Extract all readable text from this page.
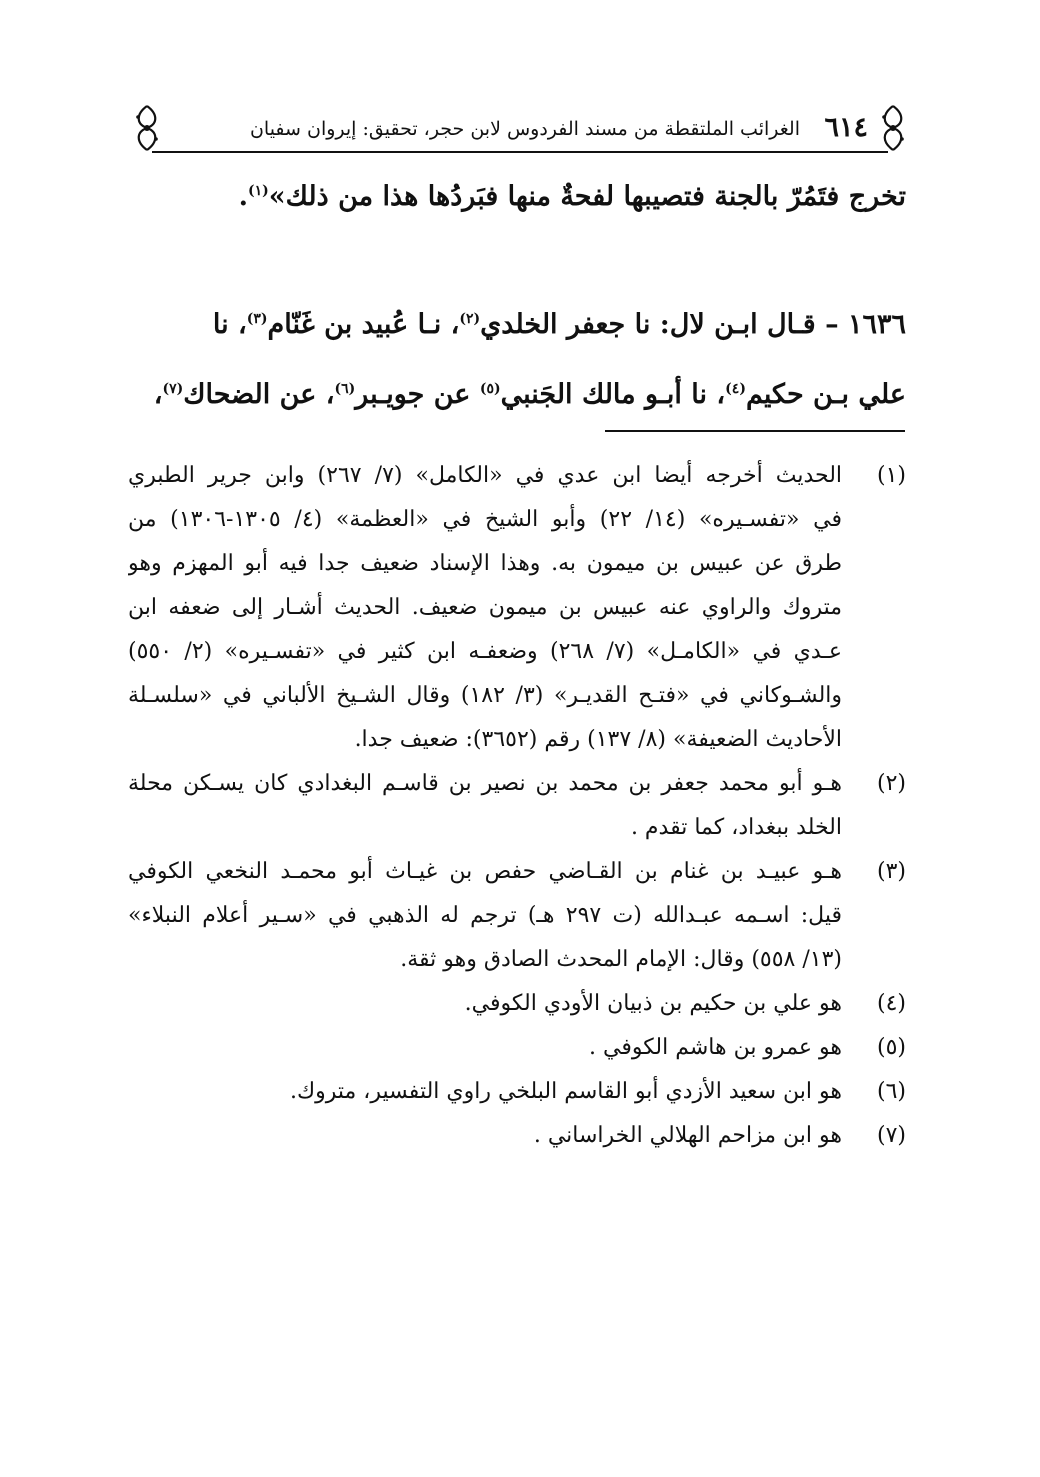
٦١٤
الغرائب الملتقطة من مسند الفردوس لابن حجر، تحقيق: إيروان سفيان

تخرج فتَمُرّ بالجنة فتصيبها لفحةٌ منها فبَردُها هذا من ذلك»$^{(١)}$.

١٦٣٦ – قـال ابـن لال: نا جعفر الخلدي$^{(٢)}$، نـا عُبيد بن غَنّام$^{(٣)}$، نا

علي بـن حكيم$^{(٤)}$، نا أبـو مالك الجَنبي$^{(٥)}$ عن جويـبر$^{(٦)}$، عن الضحاك$^{(٧)}$،

(١)
الحديث أخرجه أيضا ابن عدي في «الكامل» (٧/ ٢٦٧) وابن جرير الطبري
في «تفسـيره» (١٤/ ٢٢) وأبو الشيخ في «العظمة» (٤/ ١٣٠٥-١٣٠٦) من
طرق عن عبيس بن ميمون به. وهذا الإسناد ضعيف جدا فيه أبو المهزم وهو
متروك والراوي عنه عبيس بن ميمون ضعيف. الحديث أشـار إلى ضعفه ابن
عـدي في «الكامـل» (٧/ ٢٦٨) وضعفـه ابن كثير في «تفسـيره» (٢/ ٥٥٠)
والشـوكاني في «فتـح القديـر» (٣/ ١٨٢) وقال الشـيخ الألباني في «سلسـلة
الأحاديث الضعيفة» (٨/ ١٣٧) رقم (٣٦٥٢): ضعيف جدا.
(٢)
هـو أبو محمد جعفر بن محمد بن نصير بن قاسـم البغدادي كان يسـكن محلة
الخلد ببغداد، كما تقدم .
(٣)
هـو عبيـد بن غنام بن القـاضي حفص بن غيـاث أبو محمـد النخعي الكوفي
قيل: اسـمه عبـدالله (ت ٢٩٧ هـ) ترجم له الذهبي في «سـير أعلام النبلاء»
(١٣/ ٥٥٨) وقال: الإمام المحدث الصادق وهو ثقة.
(٤)
هو علي بن حكيم بن ذبيان الأودي الكوفي.
(٥)
هو عمرو بن هاشم الكوفي .
(٦)
هو ابن سعيد الأزدي أبو القاسم البلخي راوي التفسير، متروك.
(٧)
هو ابن مزاحم الهلالي الخراساني .
